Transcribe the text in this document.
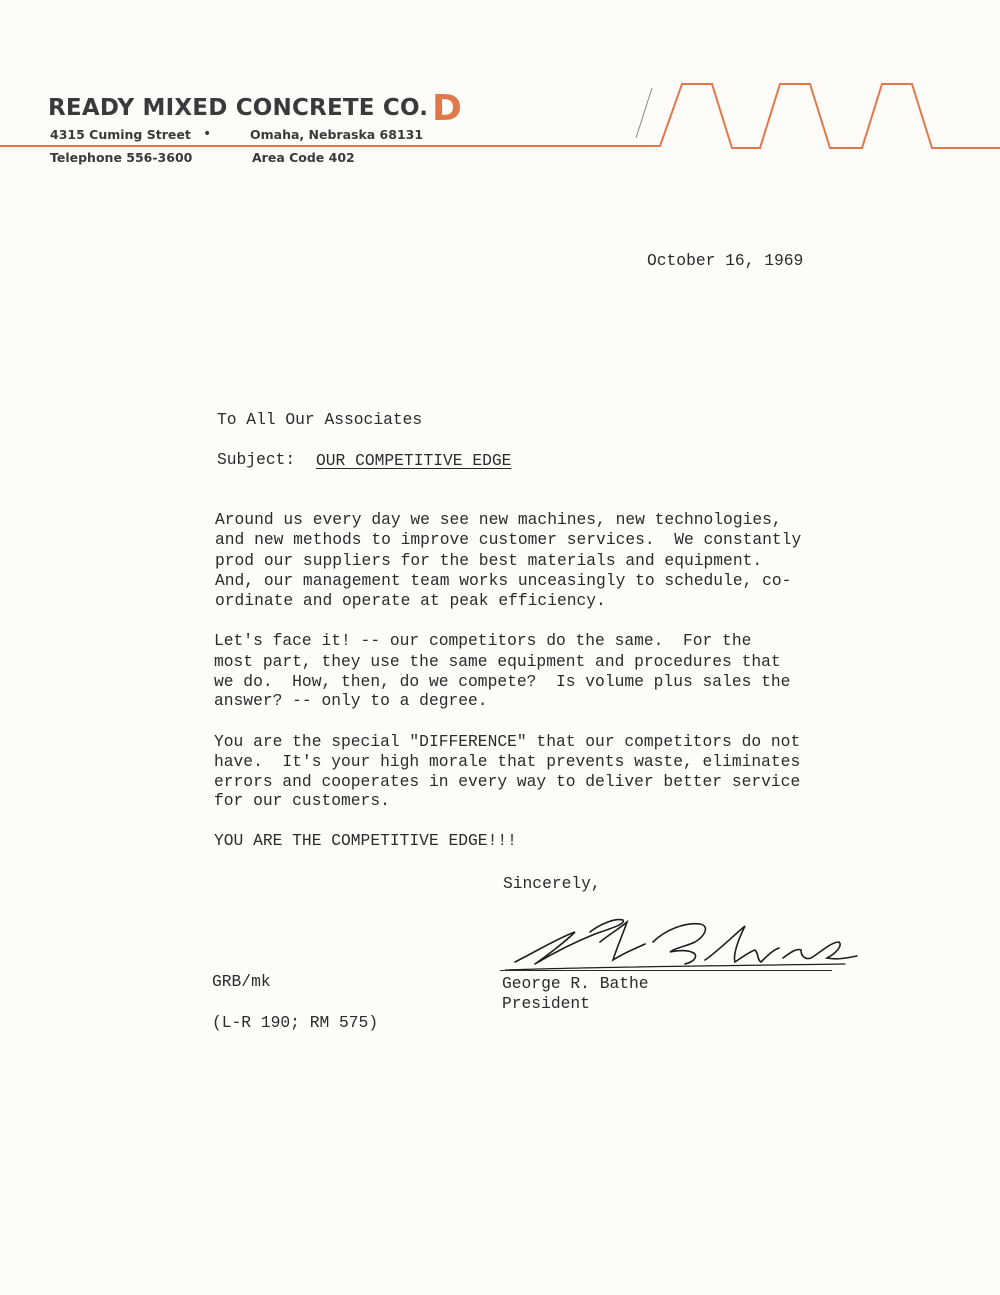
READY MIXED CONCRETE CO. D
4315 Cuming Street •	Omaha, Nebraska 68131
Telephone 556-3600	Area Code 402
October 16, 1969
To All Our Associates
Subject: OUR COMPETITIVE EDGE
Around us every day we see new machines, new technologies,
and new methods to improve customer services.  We constantly
prod our suppliers for the best materials and equipment.
And, our management team works unceasingly to schedule, co-
ordinate and operate at peak efficiency.
Let's face it! -- our competitors do the same.  For the
most part, they use the same equipment and procedures that
we do.  How, then, do we compete?  Is volume plus sales the
answer? -- only to a degree.
You are the special "DIFFERENCE" that our competitors do not
have.  It's your high morale that prevents waste, eliminates
errors and cooperates in every way to deliver better service
for our customers.
YOU ARE THE COMPETITIVE EDGE!!!
Sincerely,
George R. Bathe
President
GRB/mk
(L-R 190; RM 575)
